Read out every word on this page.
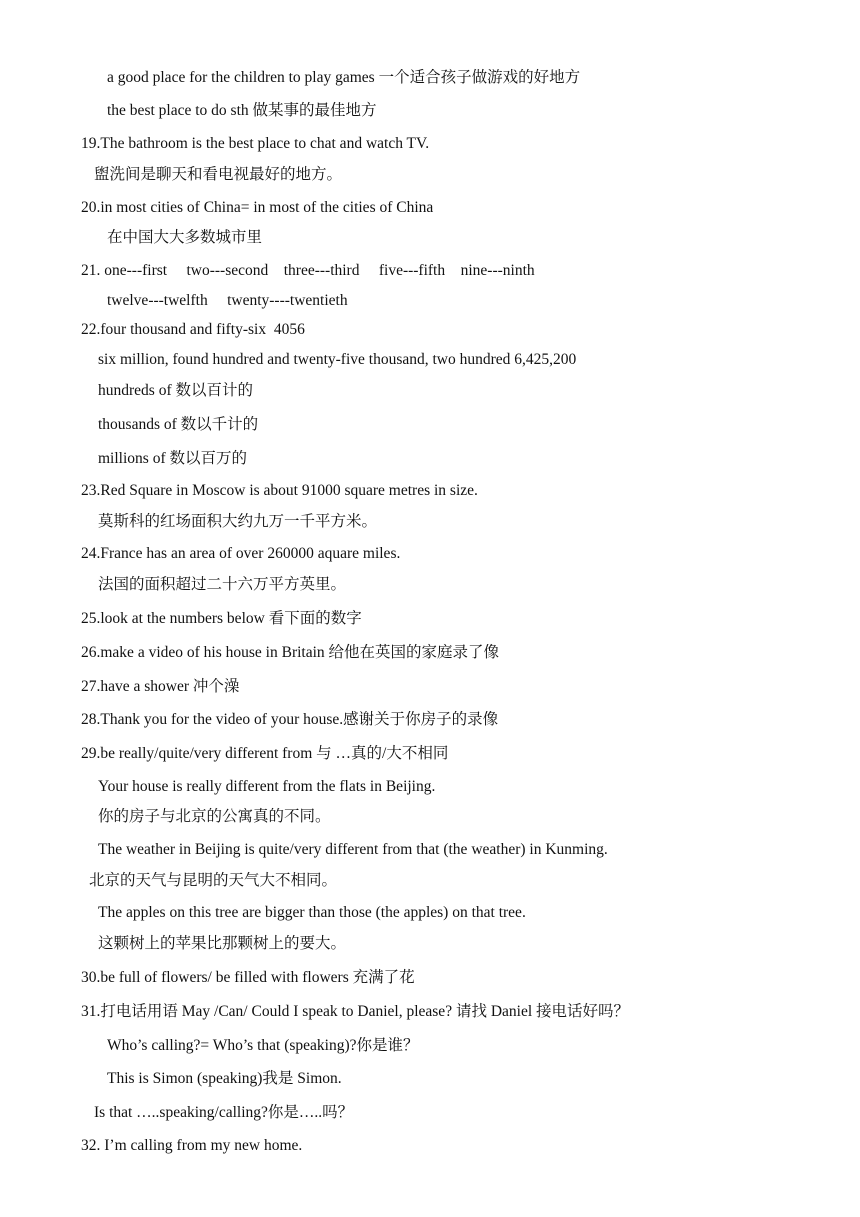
a good place for the children to play games 一个适合孩子做游戏的好地方
the best place to do sth 做某事的最佳地方
19.The bathroom is the best place to chat and watch TV.
盥洗间是聊天和看电视最好的地方。
20.in most cities of China= in most of the cities of China
在中国大大多数城市里
21. one---first     two---second    three---third     five---fifth    nine---ninth
twelve---twelfth     twenty----twentieth
22.four thousand and fifty-six  4056
six million, found hundred and twenty-five thousand, two hundred 6,425,200
hundreds of 数以百计的
thousands of 数以千计的
millions of 数以百万的
23.Red Square in Moscow is about 91000 square metres in size.
莫斯科的红场面积大约九万一千平方米。
24.France has an area of over 260000 aquare miles.
法国的面积超过二十六万平方英里。
25.look at the numbers below 看下面的数字
26.make a video of his house in Britain 给他在英国的家庭录了像
27.have a shower 冲个澡
28.Thank you for the video of your house.感谢关于你房子的录像
29.be really/quite/very different from 与 …真的/大不相同
Your house is really different from the flats in Beijing.
你的房子与北京的公寓真的不同。
The weather in Beijing is quite/very different from that (the weather) in Kunming.
北京的天气与昆明的天气大不相同。
The apples on this tree are bigger than those (the apples) on that tree.
这颗树上的苹果比那颗树上的要大。
30.be full of flowers/ be filled with flowers 充满了花
31.打电话用语 May /Can/ Could I speak to Daniel, please? 请找 Daniel 接电话好吗？
Who’s calling?= Who’s that (speaking)?你是谁？
This is Simon (speaking)我是 Simon.
Is that …..speaking/calling?你是…..吗？
32. I’m calling from my new home.
